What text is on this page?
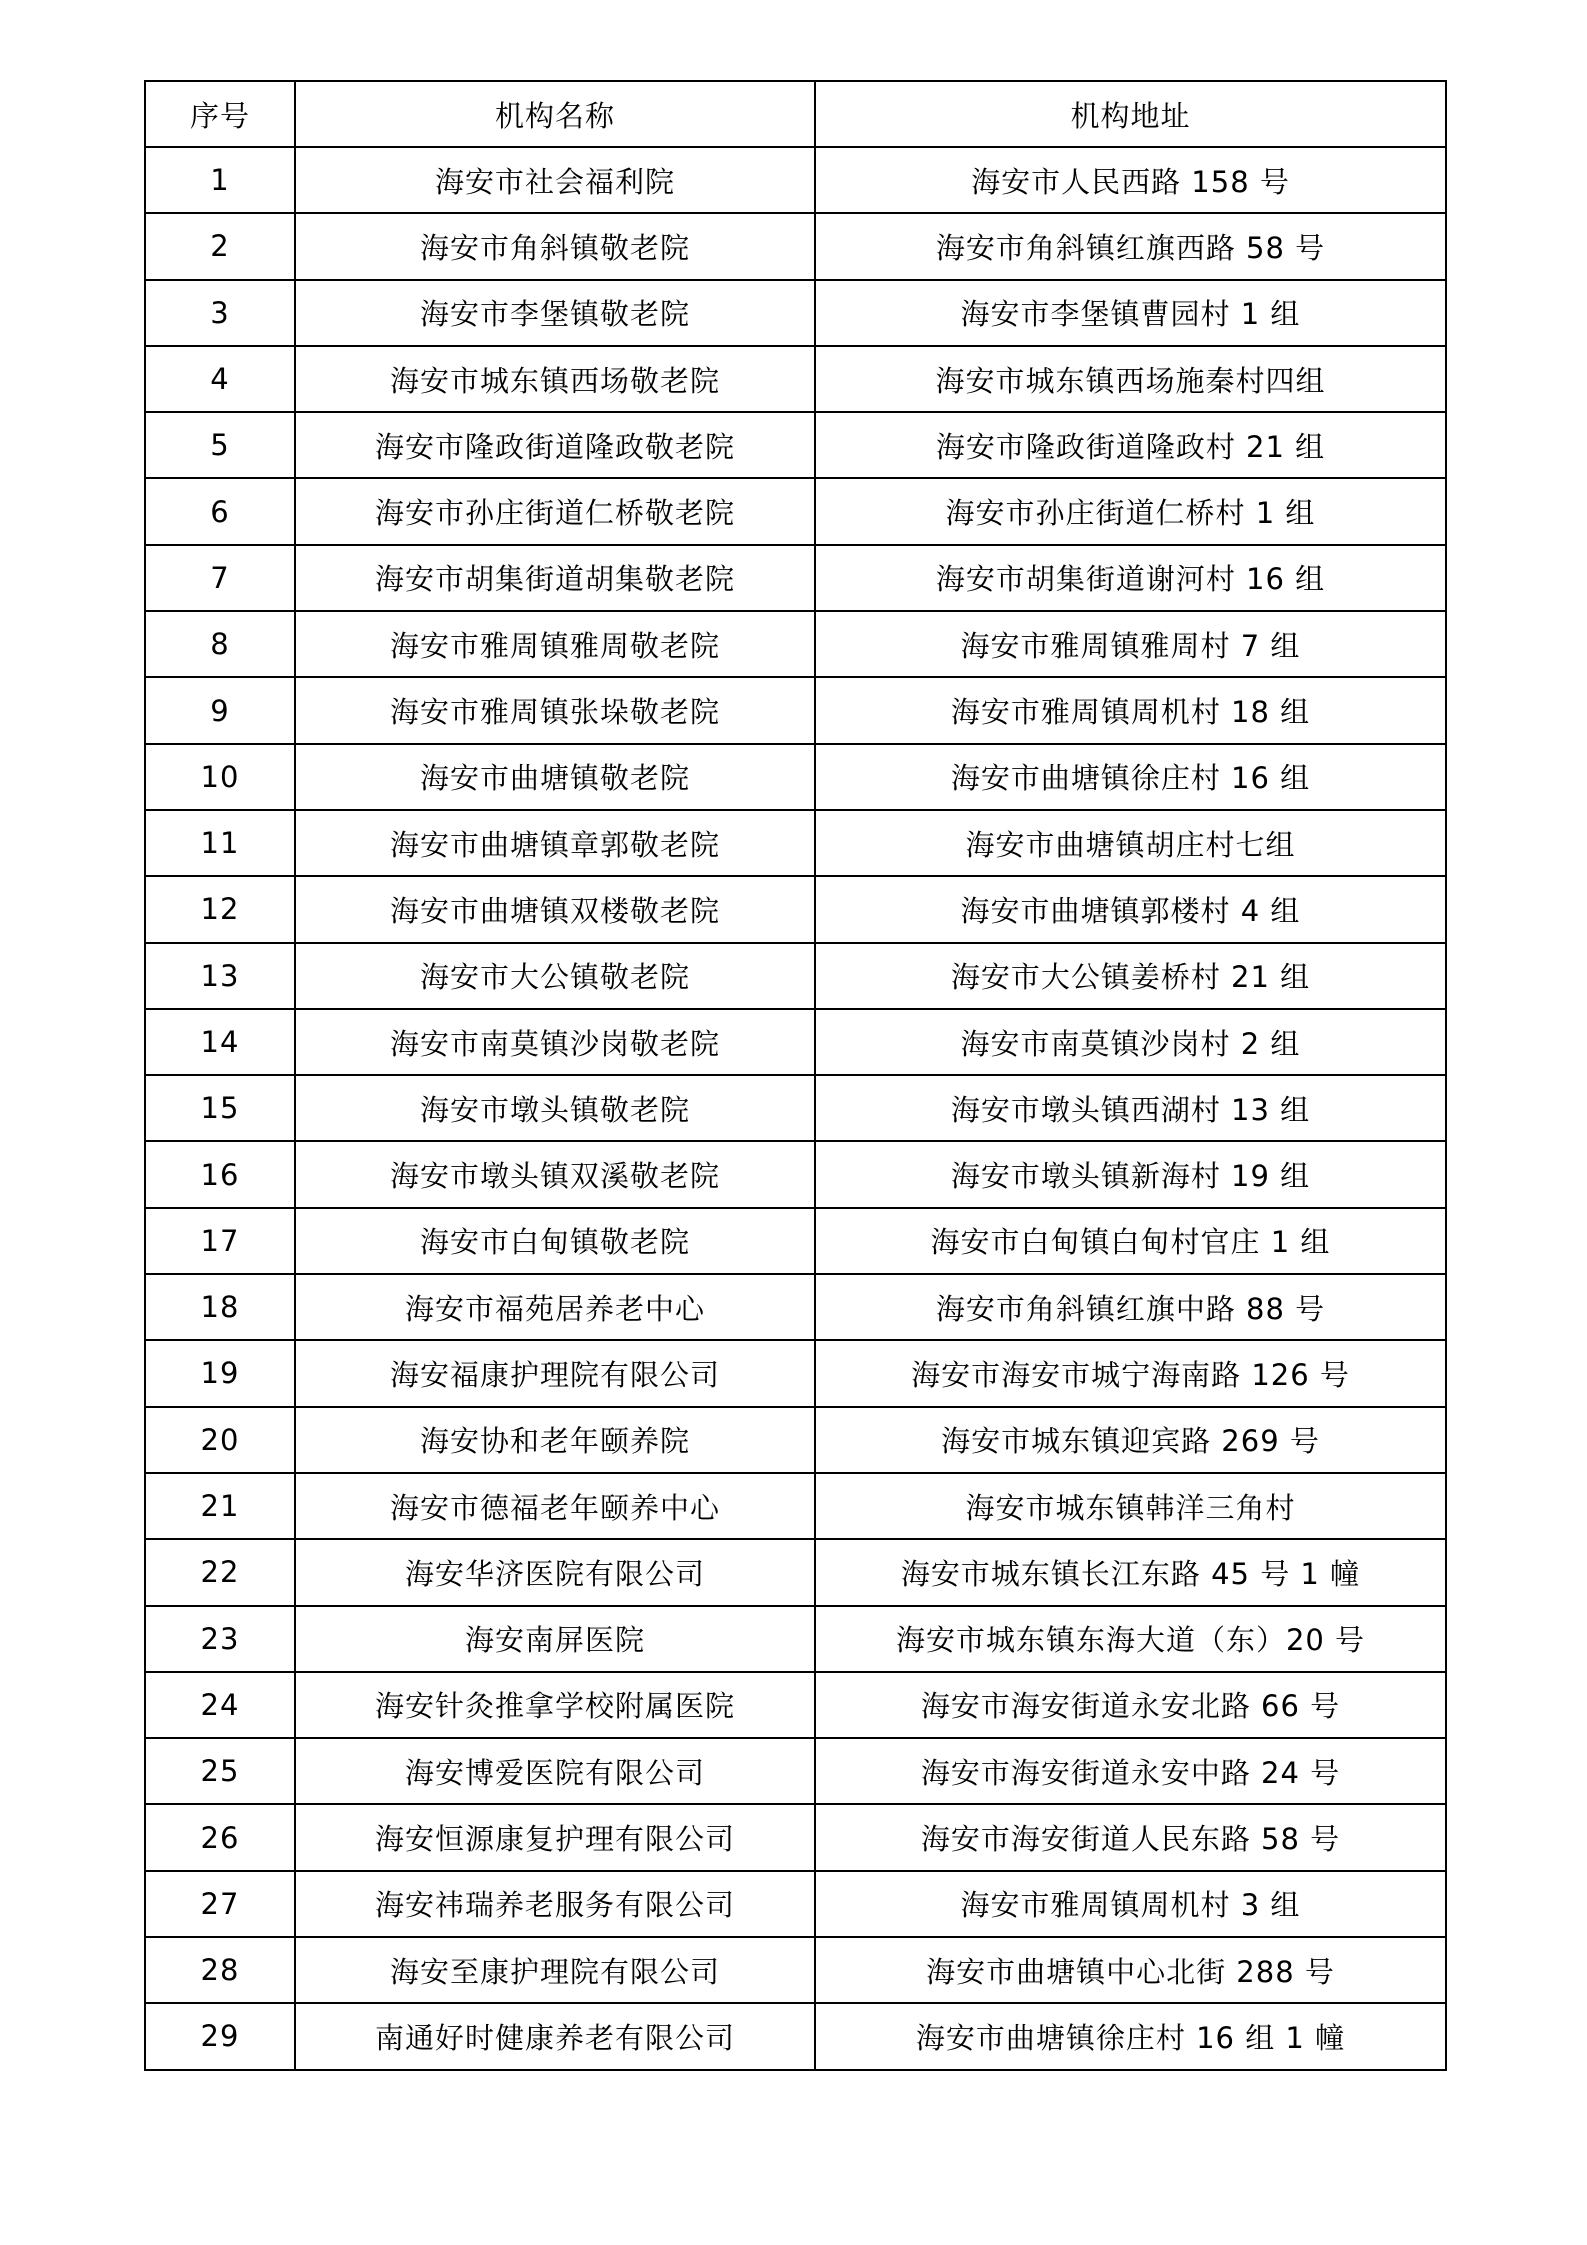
序号	机构名称	机构地址
1	海安市社会福利院	海安市人民西路 158 号
2	海安市角斜镇敬老院	海安市角斜镇红旗西路 58 号
3	海安市李堡镇敬老院	海安市李堡镇曹园村 1 组
4	海安市城东镇西场敬老院	海安市城东镇西场施秦村四组
5	海安市隆政街道隆政敬老院	海安市隆政街道隆政村 21 组
6	海安市孙庄街道仁桥敬老院	海安市孙庄街道仁桥村 1 组
7	海安市胡集街道胡集敬老院	海安市胡集街道谢河村 16 组
8	海安市雅周镇雅周敬老院	海安市雅周镇雅周村 7 组
9	海安市雅周镇张垛敬老院	海安市雅周镇周机村 18 组
10	海安市曲塘镇敬老院	海安市曲塘镇徐庄村 16 组
11	海安市曲塘镇章郭敬老院	海安市曲塘镇胡庄村七组
12	海安市曲塘镇双楼敬老院	海安市曲塘镇郭楼村 4 组
13	海安市大公镇敬老院	海安市大公镇姜桥村 21 组
14	海安市南莫镇沙岗敬老院	海安市南莫镇沙岗村 2 组
15	海安市墩头镇敬老院	海安市墩头镇西湖村 13 组
16	海安市墩头镇双溪敬老院	海安市墩头镇新海村 19 组
17	海安市白甸镇敬老院	海安市白甸镇白甸村官庄 1 组
18	海安市福苑居养老中心	海安市角斜镇红旗中路 88 号
19	海安福康护理院有限公司	海安市海安市城宁海南路 126 号
20	海安协和老年颐养院	海安市城东镇迎宾路 269 号
21	海安市德福老年颐养中心	海安市城东镇韩洋三角村
22	海安华济医院有限公司	海安市城东镇长江东路 45 号 1 幢
23	海安南屏医院	海安市城东镇东海大道（东）20 号
24	海安针灸推拿学校附属医院	海安市海安街道永安北路 66 号
25	海安博爱医院有限公司	海安市海安街道永安中路 24 号
26	海安恒源康复护理有限公司	海安市海安街道人民东路 58 号
27	海安祎瑞养老服务有限公司	海安市雅周镇周机村 3 组
28	海安至康护理院有限公司	海安市曲塘镇中心北街 288 号
29	南通好时健康养老有限公司	海安市曲塘镇徐庄村 16 组 1 幢
